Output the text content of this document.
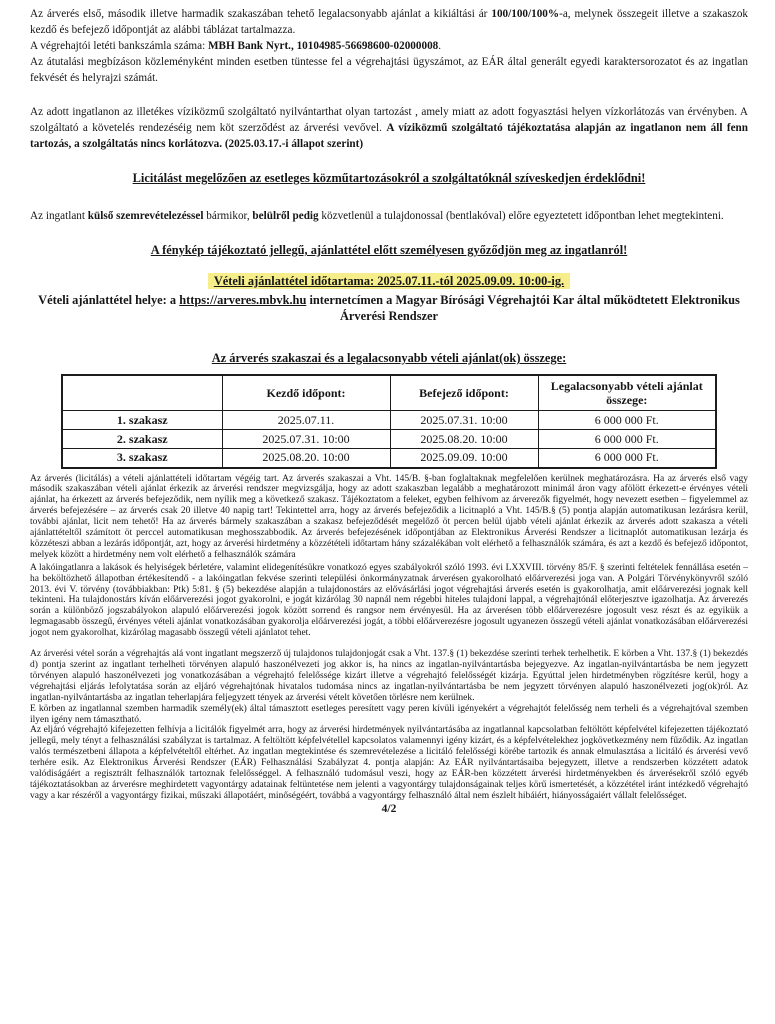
Az árverés első, második illetve harmadik szakaszában tehető legalacsonyabb ajánlat a kikiáltási ár 100/100/100%-a, melynek összegeit illetve a szakaszok kezdő és befejező időpontját az alábbi táblázat tartalmazza.
A végrehajtói letéti bankszámla száma: MBH Bank Nyrt., 10104985-56698600-02000008.
Az átutalási megbízáson közleményként minden esetben tüntesse fel a végrehajtási ügyszámot, az EÁR által generált egyedi karaktersorozatot és az ingatlan fekvését és helyrajzi számát.
Az adott ingatlanon az illetékes víziközmű szolgáltató nyilvántarthat olyan tartozást , amely miatt az adott fogyasztási helyen vízkorlátozás van érvényben. A szolgáltató a követelés rendezéséig nem köt szerződést az árverési vevővel. A víziközmű szolgáltató tájékoztatása alapján az ingatlanon nem áll fenn tartozás, a szolgáltatás nincs korlátozva. (2025.03.17.-i állapot szerint)
Licitálást megelőzően az esetleges közműtartozásokról a szolgáltatóknál szíveskedjen érdeklődni!
Az ingatlant külső szemrevételezéssel bármikor, belülről pedig közvetlenül a tulajdonossal (bentlakóval) előre egyeztetett időpontban lehet megtekinteni.
A fénykép tájékoztató jellegű, ajánlattétel előtt személyesen győződjön meg az ingatlanról!
Vételi ajánlattétel időtartama: 2025.07.11.-tól 2025.09.09. 10:00-ig.
Vételi ajánlattétel helye: a https://arveres.mbvk.hu internetcímen a Magyar Bírósági Végrehajtói Kar által működtetett Elektronikus Árverési Rendszer
Az árverés szakaszai és a legalacsonyabb vételi ajánlat(ok) összege:
	Kezdő időpont:	Befejező időpont:	Legalacsonyabb vételi ajánlat összege:
1. szakasz	2025.07.11.	2025.07.31. 10:00	6 000 000 Ft.
2. szakasz	2025.07.31. 10:00	2025.08.20. 10:00	6 000 000 Ft.
3. szakasz	2025.08.20. 10:00	2025.09.09. 10:00	6 000 000 Ft.
Az árverés (licitálás) a vételi ajánlattételi időtartam végéig tart. Az árverés szakaszai a Vht. 145/B. §-ban foglaltaknak megfelelően kerülnek meghatározásra. Ha az árverés első vagy második szakaszában vételi ajánlat érkezik az árverési rendszer megvizsgálja, hogy az adott szakaszban legalább a meghatározott minimál áron vagy afölött érkezett-e érvényes vételi ajánlat, ha érkezett az árverés befejeződik, nem nyílik meg a következő szakasz. Tájékoztatom a feleket, egyben felhívom az árverezők figyelmét, hogy nevezett esetben – figyelemmel az árverés befejezésére – az árverés csak 20 illetve 40 napig tart! Tekintettel arra, hogy az árverés befejeződik a licitnapló a Vht. 145/B.§ (5) pontja alapján automatikusan lezárásra kerül, további ajánlat, licit nem tehető! Ha az árverés bármely szakaszában a szakasz befejeződését megelőző öt percen belül újabb vételi ajánlat érkezik az árverés adott szakasza a vételi ajánlattételtől számított öt perccel automatikusan meghosszabbodik. Az árverés befejezésének időpontjában az Elektronikus Árverési Rendszer a licitnaplót automatikusan lezárja és közzéteszi abban a lezárás időpontját, azt, hogy az árverési hirdetmény a közzétételi időtartam hány százalékában volt elérhető a felhasználók számára, és azt a kezdő és befejező időpontot, melyek között a hirdetmény nem volt elérhető a felhasználók számára
A lakóingatlanra a lakások és helyiségek bérletére, valamint elidegenítésükre vonatkozó egyes szabályokról szóló 1993. évi LXXVIII. törvény 85/F. § szerinti feltételek fennállása esetén – ha beköltözhető állapotban értékesítendő - a lakóingatlan fekvése szerinti települési önkormányzatnak árverésen gyakorolható előárverezési joga van. A Polgári Törvénykönyvről szóló 2013. évi V. törvény (továbbiakban: Ptk) 5:81. § (5) bekezdése alapján a tulajdonostárs az elővásárlási jogot végrehajtási árverés esetén is gyakorolhatja, amit előárverezési jognak kell tekinteni. Ha tulajdonostárs kíván előárverezési jogot gyakorolni, e jogát kizárólag 30 napnál nem régebbi hiteles tulajdoni lappal, a végrehajtónál előterjesztve igazolhatja. Az árverezés során a különböző jogszabályokon alapuló előárverezési jogok között sorrend és rangsor nem érvényesül. Ha az árverésen több előárverezésre jogosult vesz részt és az egyikük a legmagasabb összegű, érvényes vételi ajánlat vonatkozásában gyakorolja előárverezési jogát, a többi előárverezésre jogosult ugyanezen összegű vételi ajánlat vonatkozásában előárverezési jogot nem gyakorolhat, kizárólag magasabb összegű vételi ajánlatot tehet.
Az árverési vétel során a végrehajtás alá vont ingatlant megszerző új tulajdonos tulajdonjogát csak a Vht. 137.§ (1) bekezdése szerinti terhek terhelhetik. E körben a Vht. 137.§ (1) bekezdés d) pontja szerint az ingatlant terhelheti törvényen alapuló haszonélvezeti jog akkor is, ha nincs az ingatlan-nyilvántartásba bejegyezve. Az ingatlan-nyilvántartásba be nem jegyzett törvényen alapuló haszonélvezeti jog vonatkozásában a végrehajtó felelőssége kizárt illetve a végrehajtó felelősségét kizárja. Egyúttal jelen hirdetményben rögzítésre kerül, hogy a végrehajtási eljárás lefolytatása során az eljáró végrehajtónak hivatalos tudomása nincs az ingatlan-nyilvántartásba be nem jegyzett törvényen alapuló haszonélvezeti jog(ok)ról. Az ingatlan-nyilvántartásba az ingatlan teherlapjára feljegyzett tények az árverési vételt követően törlésre nem kerülnek.
E körben az ingatlannal szemben harmadik személy(ek) által támasztott esetleges peresített vagy peren kívüli igényekért a végrehajtót felelősség nem terheli és a végrehajtóval szemben ilyen igény nem támasztható.
Az eljáró végrehajtó kifejezetten felhívja a licitálók figyelmét arra, hogy az árverési hirdetmények nyilvántartásába az ingatlannal kapcsolatban feltöltött képfelvétel kifejezetten tájékoztató jellegű, mely tényt a felhasználási szabályzat is tartalmaz. A feltöltött képfelvétellel kapcsolatos valamennyi igény kizárt, és a képfelvételekhez jogkövetkezmény nem fűződik. Az ingatlan valós természetbeni állapota a képfelvételtől eltérhet. Az ingatlan megtekintése és szemrevételezése a licitáló felelősségi körébe tartozik és annak elmulasztása a licitáló és árverési vevő terhére esik. Az Elektronikus Árverési Rendszer (EÁR) Felhasználási Szabályzat 4. pontja alapján: Az EÁR nyilvántartásaiba bejegyzett, illetve a rendszerben közzétett adatok valódiságáért a regisztrált felhasználók tartoznak felelősséggel. A felhasználó tudomásul veszi, hogy az EÁR-ben közzétett árverési hirdetményekben és árverésekről szóló egyéb tájékoztatásokban az árverésre meghirdetett vagyontárgy adatainak feltüntetése nem jelenti a vagyontárgy tulajdonságainak teljes körű ismertetését, a közzététel iránt intézkedő végrehajtó vagy a kar részéről a vagyontárgy fizikai, műszaki állapotáért, minőségéért, továbbá a vagyontárgy felhasználó által nem észlelt hibáiért, hiányosságaiért vállalt felelősséget.
4/2
